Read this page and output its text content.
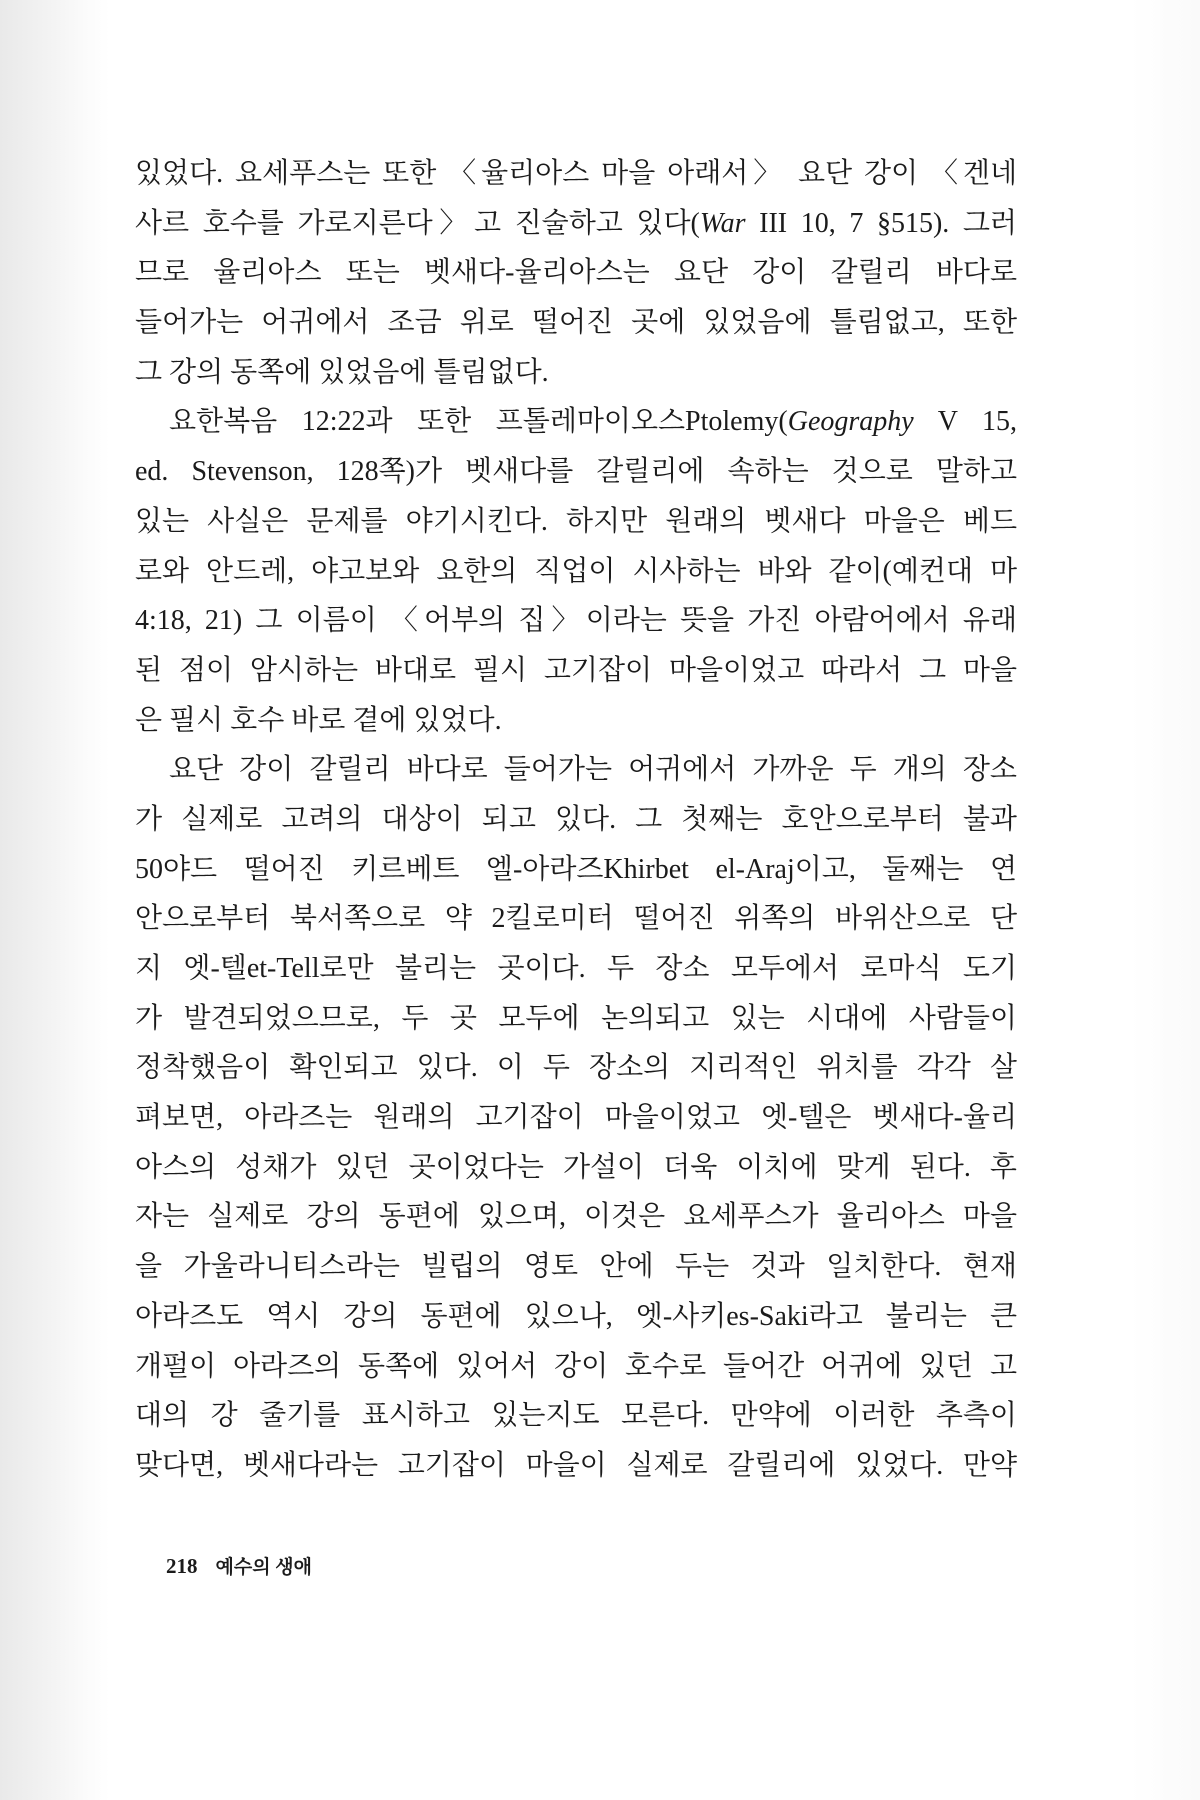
있었다. 요세푸스는 또한 〈율리아스 마을 아래서〉 요단 강이 〈겐네
사르 호수를 가로지른다〉고 진술하고 있다(War III 10, 7 §515). 그러
므로 율리아스 또는 벳새다-율리아스는 요단 강이 갈릴리 바다로
들어가는 어귀에서 조금 위로 떨어진 곳에 있었음에 틀림없고, 또한
그 강의 동쪽에 있었음에 틀림없다.
요한복음 12:22과 또한 프톨레마이오스Ptolemy(Geography V 15,
ed. Stevenson, 128쪽)가 벳새다를 갈릴리에 속하는 것으로 말하고
있는 사실은 문제를 야기시킨다. 하지만 원래의 벳새다 마을은 베드
로와 안드레, 야고보와 요한의 직업이 시사하는 바와 같이(예컨대 마
4:18, 21) 그 이름이 〈어부의 집〉이라는 뜻을 가진 아람어에서 유래
된 점이 암시하는 바대로 필시 고기잡이 마을이었고 따라서 그 마을
은 필시 호수 바로 곁에 있었다.
요단 강이 갈릴리 바다로 들어가는 어귀에서 가까운 두 개의 장소
가 실제로 고려의 대상이 되고 있다. 그 첫째는 호안으로부터 불과
50야드 떨어진 키르베트 엘-아라즈Khirbet el-Araj이고, 둘째는 연
안으로부터 북서쪽으로 약 2킬로미터 떨어진 위쪽의 바위산으로 단
지 엣-텔et-Tell로만 불리는 곳이다. 두 장소 모두에서 로마식 도기
가 발견되었으므로, 두 곳 모두에 논의되고 있는 시대에 사람들이
정착했음이 확인되고 있다. 이 두 장소의 지리적인 위치를 각각 살
펴보면, 아라즈는 원래의 고기잡이 마을이었고 엣-텔은 벳새다-율리
아스의 성채가 있던 곳이었다는 가설이 더욱 이치에 맞게 된다. 후
자는 실제로 강의 동편에 있으며, 이것은 요세푸스가 율리아스 마을
을 가울라니티스라는 빌립의 영토 안에 두는 것과 일치한다. 현재
아라즈도 역시 강의 동편에 있으나, 엣-사키es-Saki라고 불리는 큰
개펄이 아라즈의 동쪽에 있어서 강이 호수로 들어간 어귀에 있던 고
대의 강 줄기를 표시하고 있는지도 모른다. 만약에 이러한 추측이
맞다면, 벳새다라는 고기잡이 마을이 실제로 갈릴리에 있었다. 만약
218 예수의 생애
